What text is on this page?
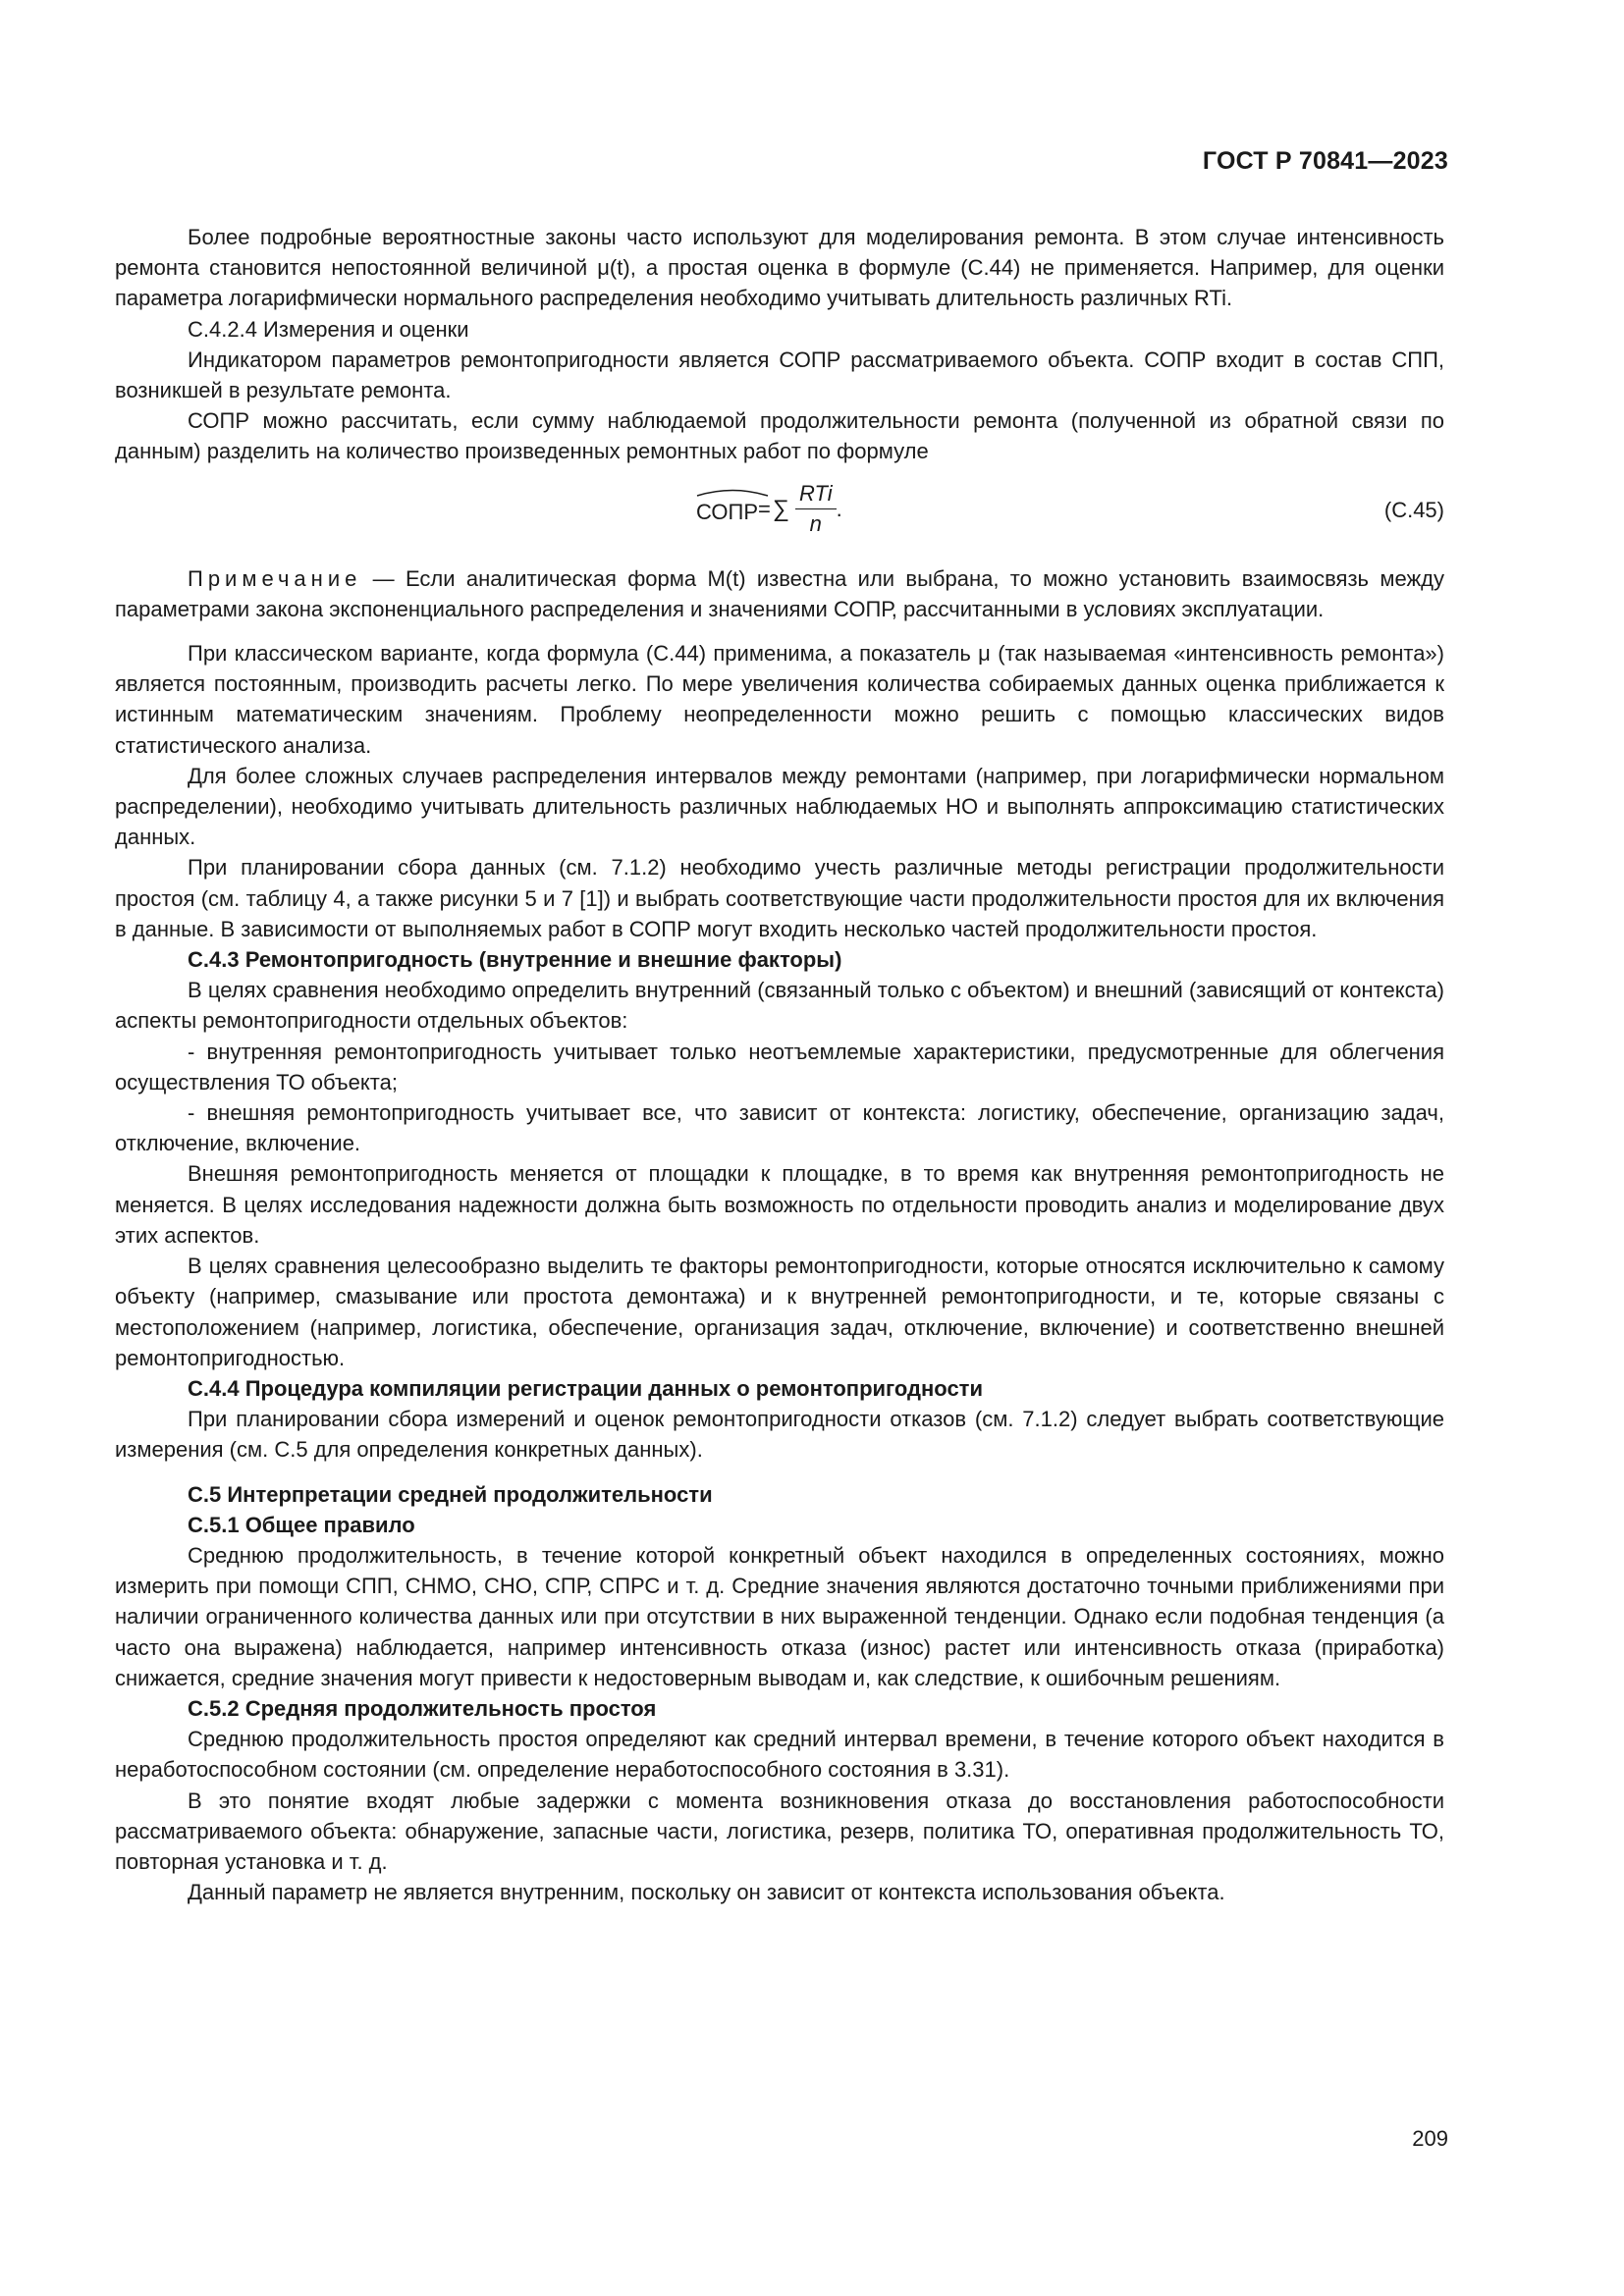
ГОСТ Р 70841—2023

Более подробные вероятностные законы часто используют для моделирования ремонта. В этом случае интенсивность ремонта становится непостоянной величиной μ(t), а простая оценка в формуле (С.44) не применяется. Например, для оценки параметра логарифмически нормального распределения необходимо учитывать длительность различных RTi.

С.4.2.4 Измерения и оценки

Индикатором параметров ремонтопригодности является СОПР рассматриваемого объекта. СОПР входит в состав СПП, возникшей в результате ремонта.

СОПР можно рассчитать, если сумму наблюдаемой продолжительности ремонта (полученной из обратной связи по данным) разделить на количество произведенных ремонтных работ по формуле

СОПР = ∑ $\frac{\text{RTi}}{n}$ .	(С.45)

Примечание — Если аналитическая форма M(t) известна или выбрана, то можно установить взаимосвязь между параметрами закона экспоненциального распределения и значениями СОПР, рассчитанными в условиях эксплуатации.

При классическом варианте, когда формула (С.44) применима, а показатель μ (так называемая «интенсивность ремонта») является постоянным, производить расчеты легко. По мере увеличения количества собираемых данных оценка приближается к истинным математическим значениям. Проблему неопределенности можно решить с помощью классических видов статистического анализа.

Для более сложных случаев распределения интервалов между ремонтами (например, при логарифмически нормальном распределении), необходимо учитывать длительность различных наблюдаемых НО и выполнять аппроксимацию статистических данных.

При планировании сбора данных (см. 7.1.2) необходимо учесть различные методы регистрации продолжительности простоя (см. таблицу 4, а также рисунки 5 и 7 [1]) и выбрать соответствующие части продолжительности простоя для их включения в данные. В зависимости от выполняемых работ в СОПР могут входить несколько частей продолжительности простоя.

С.4.3 Ремонтопригодность (внутренние и внешние факторы)

В целях сравнения необходимо определить внутренний (связанный только с объектом) и внешний (зависящий от контекста) аспекты ремонтопригодности отдельных объектов:

- внутренняя ремонтопригодность учитывает только неотъемлемые характеристики, предусмотренные для облегчения осуществления ТО объекта;

- внешняя ремонтопригодность учитывает все, что зависит от контекста: логистику, обеспечение, организацию задач, отключение, включение.

Внешняя ремонтопригодность меняется от площадки к площадке, в то время как внутренняя ремонтопригодность не меняется. В целях исследования надежности должна быть возможность по отдельности проводить анализ и моделирование двух этих аспектов.

В целях сравнения целесообразно выделить те факторы ремонтопригодности, которые относятся исключительно к самому объекту (например, смазывание или простота демонтажа) и к внутренней ремонтопригодности, и те, которые связаны с местоположением (например, логистика, обеспечение, организация задач, отключение, включение) и соответственно внешней ремонтопригодностью.

С.4.4 Процедура компиляции регистрации данных о ремонтопригодности

При планировании сбора измерений и оценок ремонтопригодности отказов (см. 7.1.2) следует выбрать соответствующие измерения (см. С.5 для определения конкретных данных).

С.5 Интерпретации средней продолжительности

С.5.1 Общее правило

Среднюю продолжительность, в течение которой конкретный объект находился в определенных состояниях, можно измерить при помощи СПП, СНМО, СНО, СПР, СПРС и т. д. Средние значения являются достаточно точными приближениями при наличии ограниченного количества данных или при отсутствии в них выраженной тенденции. Однако если подобная тенденция (а часто она выражена) наблюдается, например интенсивность отказа (износ) растет или интенсивность отказа (приработка) снижается, средние значения могут привести к недостоверным выводам и, как следствие, к ошибочным решениям.

С.5.2 Средняя продолжительность простоя

Среднюю продолжительность простоя определяют как средний интервал времени, в течение которого объект находится в неработоспособном состоянии (см. определение неработоспособного состояния в 3.31).

В это понятие входят любые задержки с момента возникновения отказа до восстановления работоспособности рассматриваемого объекта: обнаружение, запасные части, логистика, резерв, политика ТО, оперативная продолжительность ТО, повторная установка и т. д.

Данный параметр не является внутренним, поскольку он зависит от контекста использования объекта.

209
